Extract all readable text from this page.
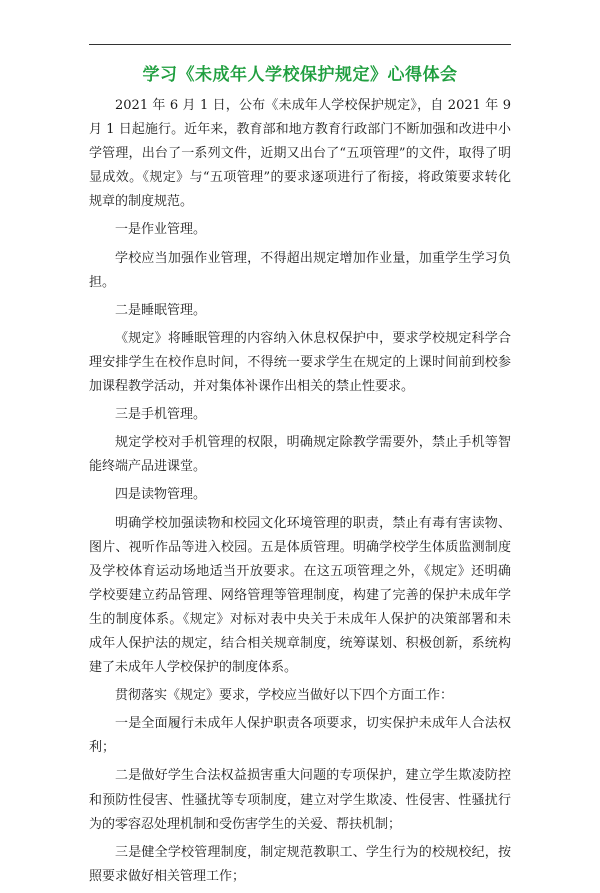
学习《未成年人学校保护规定》心得体会

2021 年 6 月 1 日，公布《未成年人学校保护规定》，自 2021 年 9 月 1 日起施行。近年来，教育部和地方教育行政部门不断加强和改进中小学管理，出台了一系列文件，近期又出台了“五项管理”的文件，取得了明显成效。《规定》与“五项管理”的要求逐项进行了衔接，将政策要求转化规章的制度规范。

一是作业管理。

学校应当加强作业管理，不得超出规定增加作业量，加重学生学习负担。

二是睡眠管理。

《规定》将睡眠管理的内容纳入休息权保护中，要求学校规定科学合理安排学生在校作息时间，不得统一要求学生在规定的上课时间前到校参加课程教学活动，并对集体补课作出相关的禁止性要求。

三是手机管理。

规定学校对手机管理的权限，明确规定除教学需要外，禁止手机等智能终端产品进课堂。

四是读物管理。

明确学校加强读物和校园文化环境管理的职责，禁止有毒有害读物、图片、视听作品等进入校园。五是体质管理。明确学校学生体质监测制度及学校体育运动场地适当开放要求。在这五项管理之外，《规定》还明确学校要建立药品管理、网络管理等管理制度，构建了完善的保护未成年学生的制度体系。《规定》对标对表中央关于未成年人保护的决策部署和未成年人保护法的规定，结合相关规章制度，统筹谋划、积极创新，系统构建了未成年人学校保护的制度体系。

贯彻落实《规定》要求，学校应当做好以下四个方面工作：

一是全面履行未成年人保护职责各项要求，切实保护未成年人合法权利；

二是做好学生合法权益损害重大问题的专项保护，建立学生欺凌防控和预防性侵害、性骚扰等专项制度，建立对学生欺凌、性侵害、性骚扰行为的零容忍处理机制和受伤害学生的关爱、帮扶机制；

三是健全学校管理制度，制定规范教职工、学生行为的校规校纪，按照要求做好相关管理工作；
